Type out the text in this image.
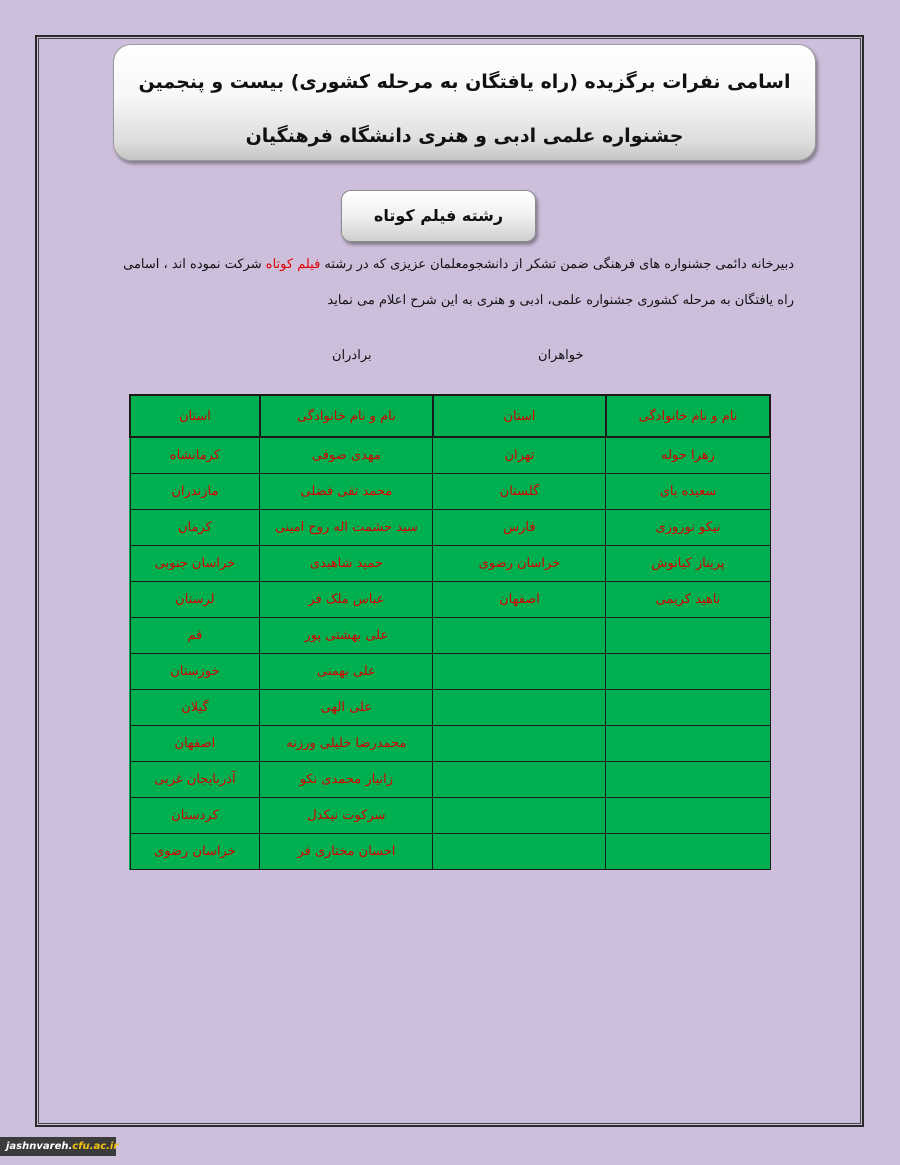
اسامی نفرات برگزیده (راه یافتگان به مرحله کشوری) بیست و پنجمین
جشنواره علمی ادبی و هنری دانشگاه فرهنگیان
رشته فیلم کوتاه
دبیرخانه دائمی جشنواره های فرهنگی ضمن تشکر از دانشجومعلمان عزیزی که در رشته فیلم کوتاه شرکت نموده اند ، اسامی
راه یافتگان به مرحله کشوری جشنواره علمی، ادبی و هنری به این شرح اعلام می نماید
خواهران
برادران
نام و نام خانوادگی	استان	نام و نام خانوادگی	استان
زهرا حوله	تهران	مهدی صوفی	کرمانشاه
سعیده بای	گلستان	محمد تقی فضلی	مازندران
نیکو نوروزی	فارس	سید حشمت اله روح امینی	کرمان
پریناز کیانوش	خراسان رضوی	حمید شاهبدی	خراسان جنوبی
ناهید کریمی	اصفهان	عباس ملک فر	لرستان
		علی بهشتی پور	قم
		علی بهمنی	خوزستان
		علی الهی	گیلان
		محمدرضا خلیلی ورزنه	اصفهان
		زانیار محمدی نکو	آذربایجان غربی
		سرکوت نیکدل	کردستان
		احسان مختاری فر	خراسان رضوی
jashnvareh.cfu.ac.ir
